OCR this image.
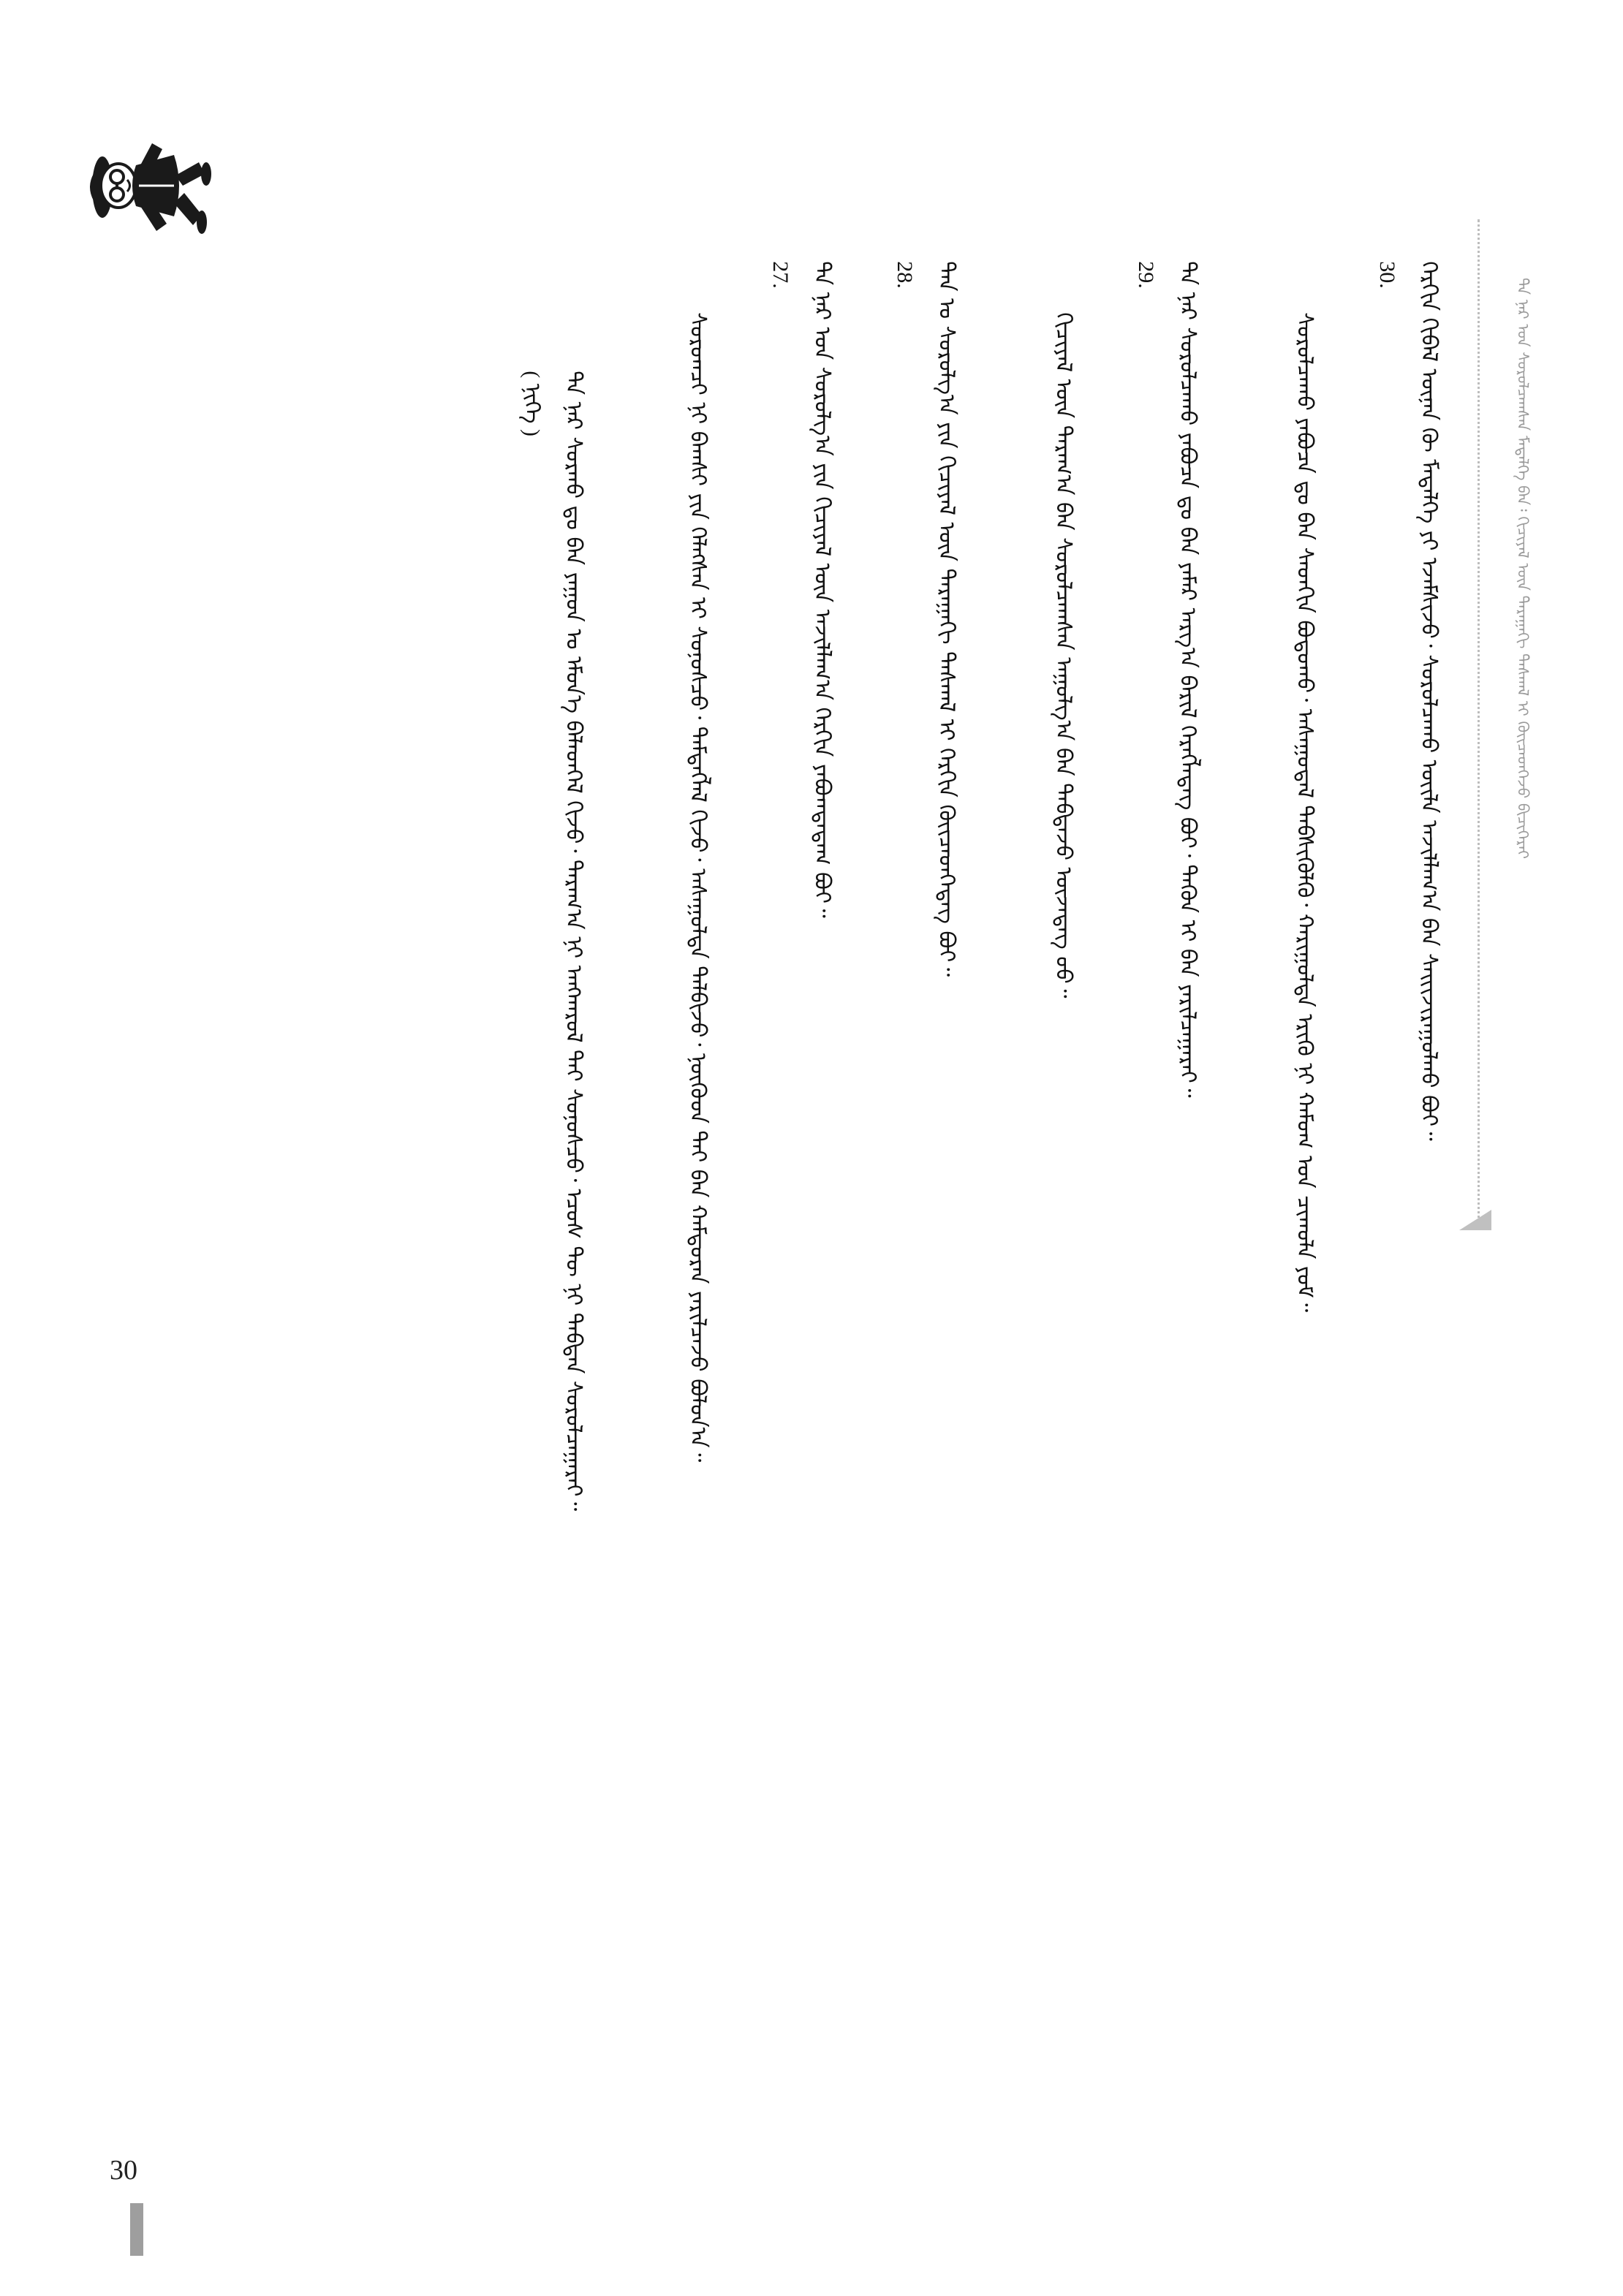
ᠲᠠ ᠨᠠᠷ ᠤᠨ ᠰᠤᠷᠤᠯᠴᠠᠭᠰᠠᠨ ᠮᠡᠳᠡᠯᠭᠡ ᠪᠡᠨ᠄ ᠬᠢᠴᠢᠶᠡᠯ ᠦᠨ ᠳᠠᠷᠠᠭᠠᠬᠢ ᠳᠠᠰᠬᠠᠯ ᠢ ᠭᠦᠢᠴᠡᠳᠬᠡᠵᠦ ᠪᠢᠴᠢᠭᠡᠷᠡᠢ

30. ᠬᠡᠷᠬᠢᠨ ᠬᠢᠪᠡᠯ ᠦᠨᠡᠨ ᠬᠦ ᠮᠡᠳᠡᠯᠭᠡ ᠶᠢ ᠡᠵᠡᠮᠰᠢᠵᠦ᠂ ᠰᠤᠷᠤᠯᠴᠠᠬᠤ ᠦᠢᠯᠡ ᠠᠵᠢᠯᠯᠠᠭ᠎ᠠ ᠪᠠᠨ ᠰᠠᠢᠢᠵᠢᠷᠠᠭᠤᠯᠬᠤ ᠪᠤᠢ᠃

ᠰᠤᠷᠤᠯᠴᠠᠬᠤ ᠶᠠᠪᠤᠴᠠ ᠳᠤ ᠪᠠᠨ ᠰᠡᠳᠬᠢᠨ ᠪᠤᠳᠤᠬᠤ᠂ ᠠᠰᠠᠭᠤᠳᠠᠯ ᠳᠡᠪᠰᠢᠭᠦᠯᠬᠦ᠂ ᠬᠠᠷᠢᠭᠤᠯᠲᠠ ᠡᠷᠢᠬᠦ ᠨᠢ ᠬᠠᠮᠤᠭ ᠤᠨ ᠴᠢᠬᠤᠯᠠ ᠶᠤᠮ᠃

29. ᠲᠠ ᠨᠠᠷ ᠰᠤᠷᠤᠯᠴᠠᠬᠤ ᠶᠠᠪᠤᠴᠠ ᠳᠤ ᠪᠠᠨ ᠶᠠᠮᠠᠷ ᠠᠷᠭ᠎ᠠ ᠪᠠᠷᠢᠯ ᠬᠡᠷᠡᠭᠯᠡᠳᠡᠭ ᠪᠤᠢ᠂ ᠲᠡᠭᠦᠨ ᠢ ᠪᠡᠨ ᠶᠠᠷᠢᠯᠴᠠᠭᠠᠷᠠᠢ᠃

ᠬᠢᠴᠢᠶᠡᠯ ᠦᠨ ᠳᠠᠷᠠᠭ᠎ᠠ ᠪᠠᠨ ᠰᠤᠷᠤᠯᠴᠠᠭᠰᠠᠨ ᠠᠭᠤᠯᠭ᠎ᠠ ᠪᠠᠨ ᠳᠠᠪᠲᠠᠵᠤ ᠦᠵᠡᠳᠡᠭ ᠦᠦ᠃

28. ᠲᠠᠨ ᠤ ᠰᠤᠷᠤᠯᠭ᠎ᠠ ᠶᠢᠨ ᠬᠢᠴᠢᠶᠡᠯ ᠦᠨ ᠳᠠᠷᠠᠭᠠᠬᠢ ᠳᠠᠰᠬᠠᠯ ᠢ ᠬᠡᠷᠬᠢᠨ ᠭᠦᠢᠴᠡᠳᠬᠡᠳᠡᠭ ᠪᠤᠢ᠃

27. ᠲᠠ ᠨᠠᠷ ᠤᠨ ᠰᠤᠷᠤᠯᠭ᠎ᠠ ᠶᠢᠨ ᠬᠢᠴᠢᠶᠡᠯ ᠦᠨ ᠠᠵᠢᠯᠯᠠᠭ᠎ᠠ ᠬᠡᠷᠬᠢᠨ ᠶᠠᠪᠤᠭᠳᠠᠳᠠᠭ ᠪᠤᠢ᠃

ᠰᠤᠷᠤᠭᠴᠢ ᠨᠢ ᠪᠠᠭᠰᠢ ᠶᠢᠨ ᠬᠡᠯᠡᠭᠰᠡᠨ ᠢ ᠰᠤᠨᠤᠰᠴᠤ᠂ ᠲᠡᠮᠳᠡᠭᠯᠡᠯ ᠬᠢᠵᠦ᠂ ᠠᠰᠠᠭᠤᠯᠲᠠ ᠲᠠᠯᠪᠢᠵᠤ᠂ ᠨᠥᠬᠥᠳ ᠲᠡᠢ ᠪᠡᠨ ᠬᠠᠮᠲᠤᠷᠠᠨ ᠶᠠᠷᠢᠯᠴᠠᠵᠤ ᠪᠤᠯᠤᠨ᠎ᠠ᠃

( ᠨᠢᠭᠡ ) ᠲᠠ ᠨᠠᠷ ᠰᠤᠷᠬᠤ ᠳᠤ ᠪᠠᠨ ᠶᠠᠭᠤᠨ ᠤ ᠡᠮᠦᠨ᠎ᠡ ᠪᠡᠯᠡᠳᠬᠡᠯ ᠬᠢᠵᠦ᠂ ᠳᠠᠷᠠᠭ᠎ᠠ ᠨᠢ ᠠᠩᠬᠠᠷᠤᠯ ᠲᠠᠢ ᠰᠤᠨᠤᠰᠴᠤ᠂ ᠡᠴᠦᠰ ᠲᠦ ᠨᠢ ᠳᠠᠪᠲᠠᠨ ᠰᠤᠷᠤᠯᠴᠠᠭᠠᠷᠠᠢ᠃

30
